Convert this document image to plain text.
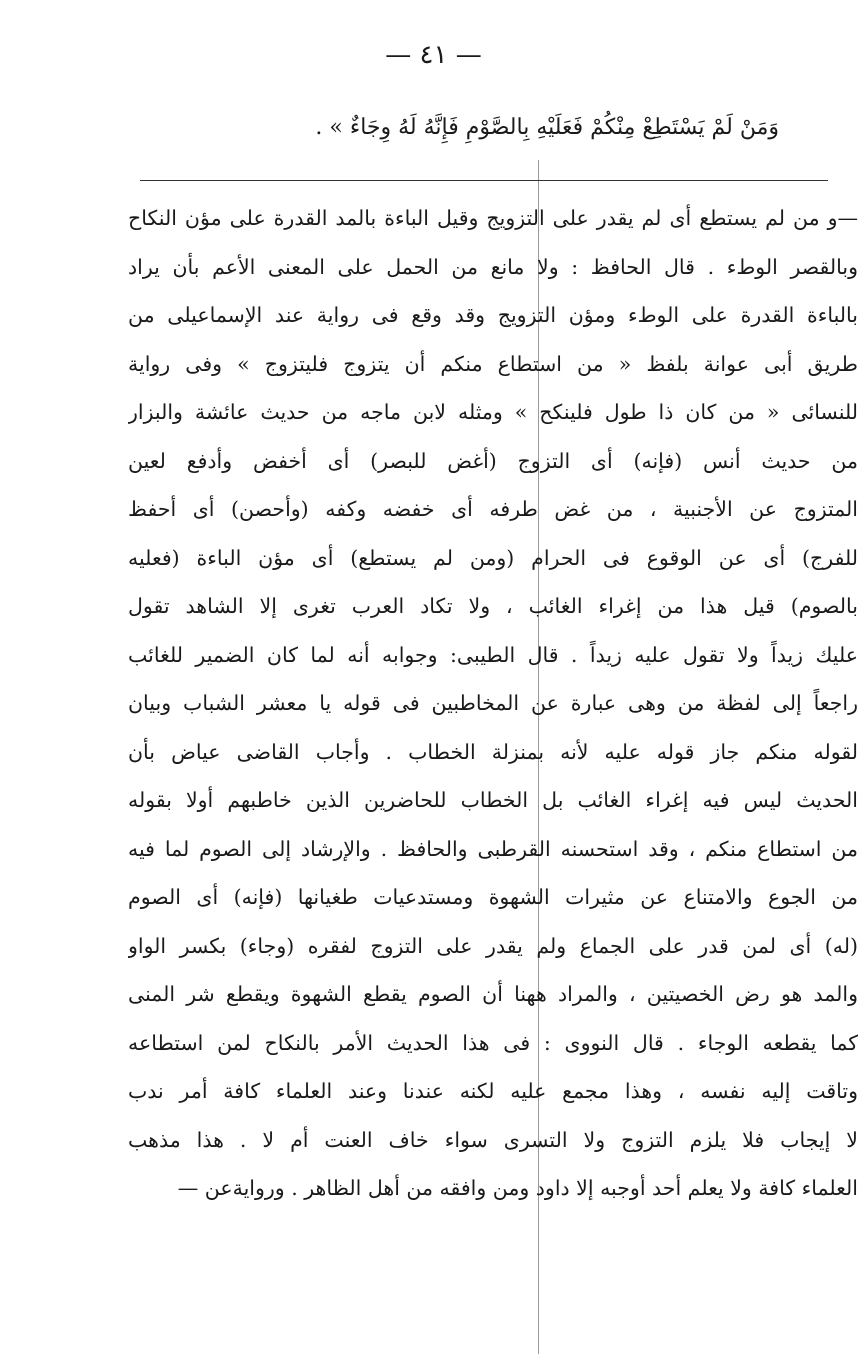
— ٤١ —
وَمَنْ لَمْ يَسْتَطِعْ مِنْكُمْ فَعَلَيْهِ بِالصَّوْمِ فَإِنَّهُ لَهُ وِجَاءٌ » .
—و من لم يستطع أى لم يقدر على التزويج وقيل الباءة بالمد القدرة على مؤن النكاح
وبالقصر الوطء . قال الحافظ : ولا مانع من الحمل على المعنى الأعم بأن يراد
بالباءة القدرة على الوطء ومؤن التزويج وقد وقع فى رواية عند الإسماعيلى من
طريق أبى عوانة بلفظ « من استطاع منكم أن يتزوج فليتزوج » وفى رواية
للنسائى « من كان ذا طول فلينكح » ومثله لابن ماجه من حديث عائشة والبزار
من حديث أنس (فإنه) أى التزوج (أغض للبصر) أى أخفض وأدفع لعين
المتزوج عن الأجنبية ، من غض طرفه أى خفضه وكفه (وأحصن) أى أحفظ
للفرج) أى عن الوقوع فى الحرام (ومن لم يستطع) أى مؤن الباءة (فعليه
بالصوم) قيل هذا من إغراء الغائب ، ولا تكاد العرب تغرى إلا الشاهد تقول
عليك زيداً ولا تقول عليه زيداً . قال الطيبى: وجوابه أنه لما كان الضمير للغائب
راجعاً إلى لفظة من وهى عبارة عن المخاطبين فى قوله يا معشر الشباب وبيان
لقوله منكم جاز قوله عليه لأنه بمنزلة الخطاب . وأجاب القاضى عياض بأن
الحديث ليس فيه إغراء الغائب بل الخطاب للحاضرين الذين خاطبهم أولا بقوله
من استطاع منكم ، وقد استحسنه القرطبى والحافظ . والإرشاد إلى الصوم لما فيه
من الجوع والامتناع عن مثيرات الشهوة ومستدعيات طغيانها (فإنه) أى الصوم
(له) أى لمن قدر على الجماع ولم يقدر على التزوج لفقره (وجاء) بكسر الواو
والمد هو رض الخصيتين ، والمراد ههنا أن الصوم يقطع الشهوة ويقطع شر المنى
كما يقطعه الوجاء . قال النووى : فى هذا الحديث الأمر بالنكاح لمن استطاعه
وتاقت إليه نفسه ، وهذا مجمع عليه لكنه عندنا وعند العلماء كافة أمر ندب
لا إيجاب فلا يلزم التزوج ولا التسرى سواء خاف العنت أم لا . هذا مذهب
العلماء كافة ولا يعلم أحد أوجبه إلا داود ومن وافقه من أهل الظاهر . وروايةعن —
